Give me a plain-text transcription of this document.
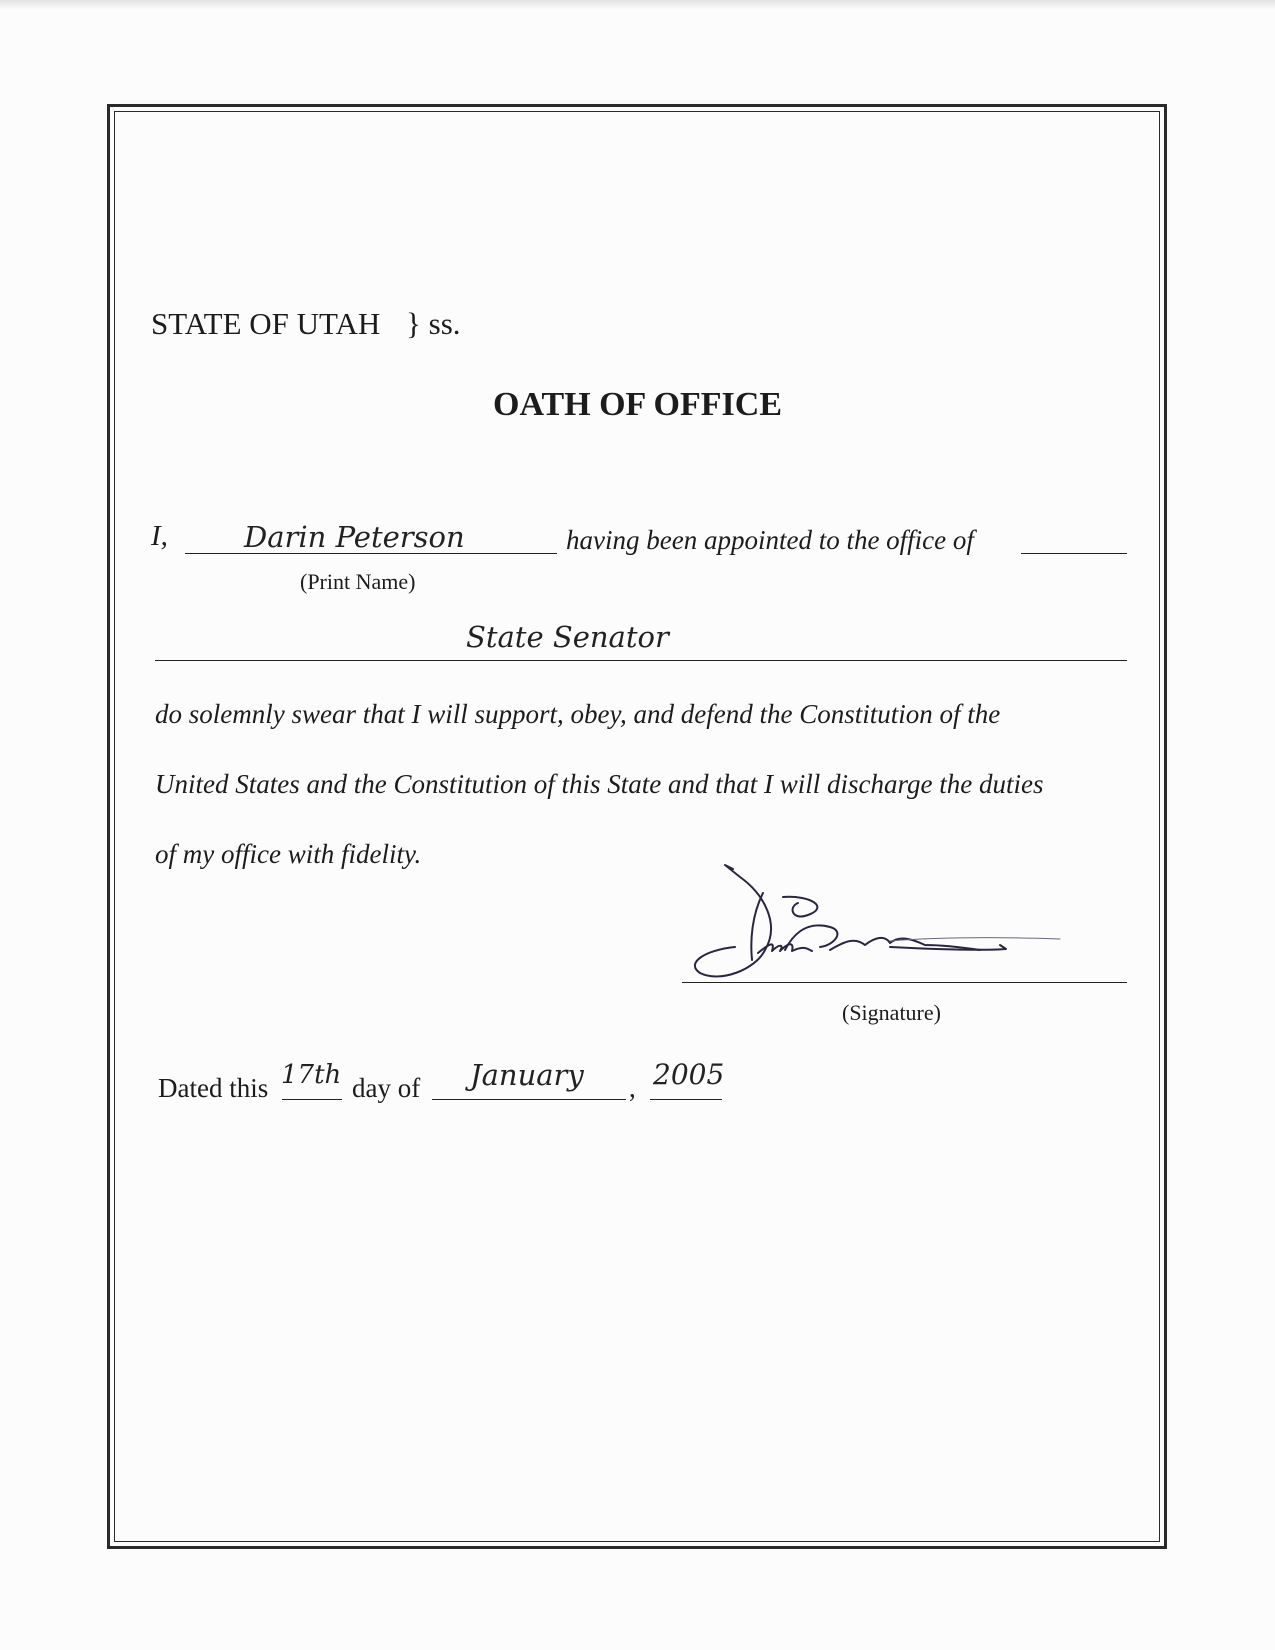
STATE OF UTAH } ss.
OATH OF OFFICE
I,	Darin Peterson	having been appointed to the office of
(Print Name)
State Senator
do solemnly swear that I will support, obey, and defend the Constitution of the
United States and the Constitution of this State and that I will discharge the duties
of my office with fidelity.
(Signature)
Dated this 17th day of January , 2005
